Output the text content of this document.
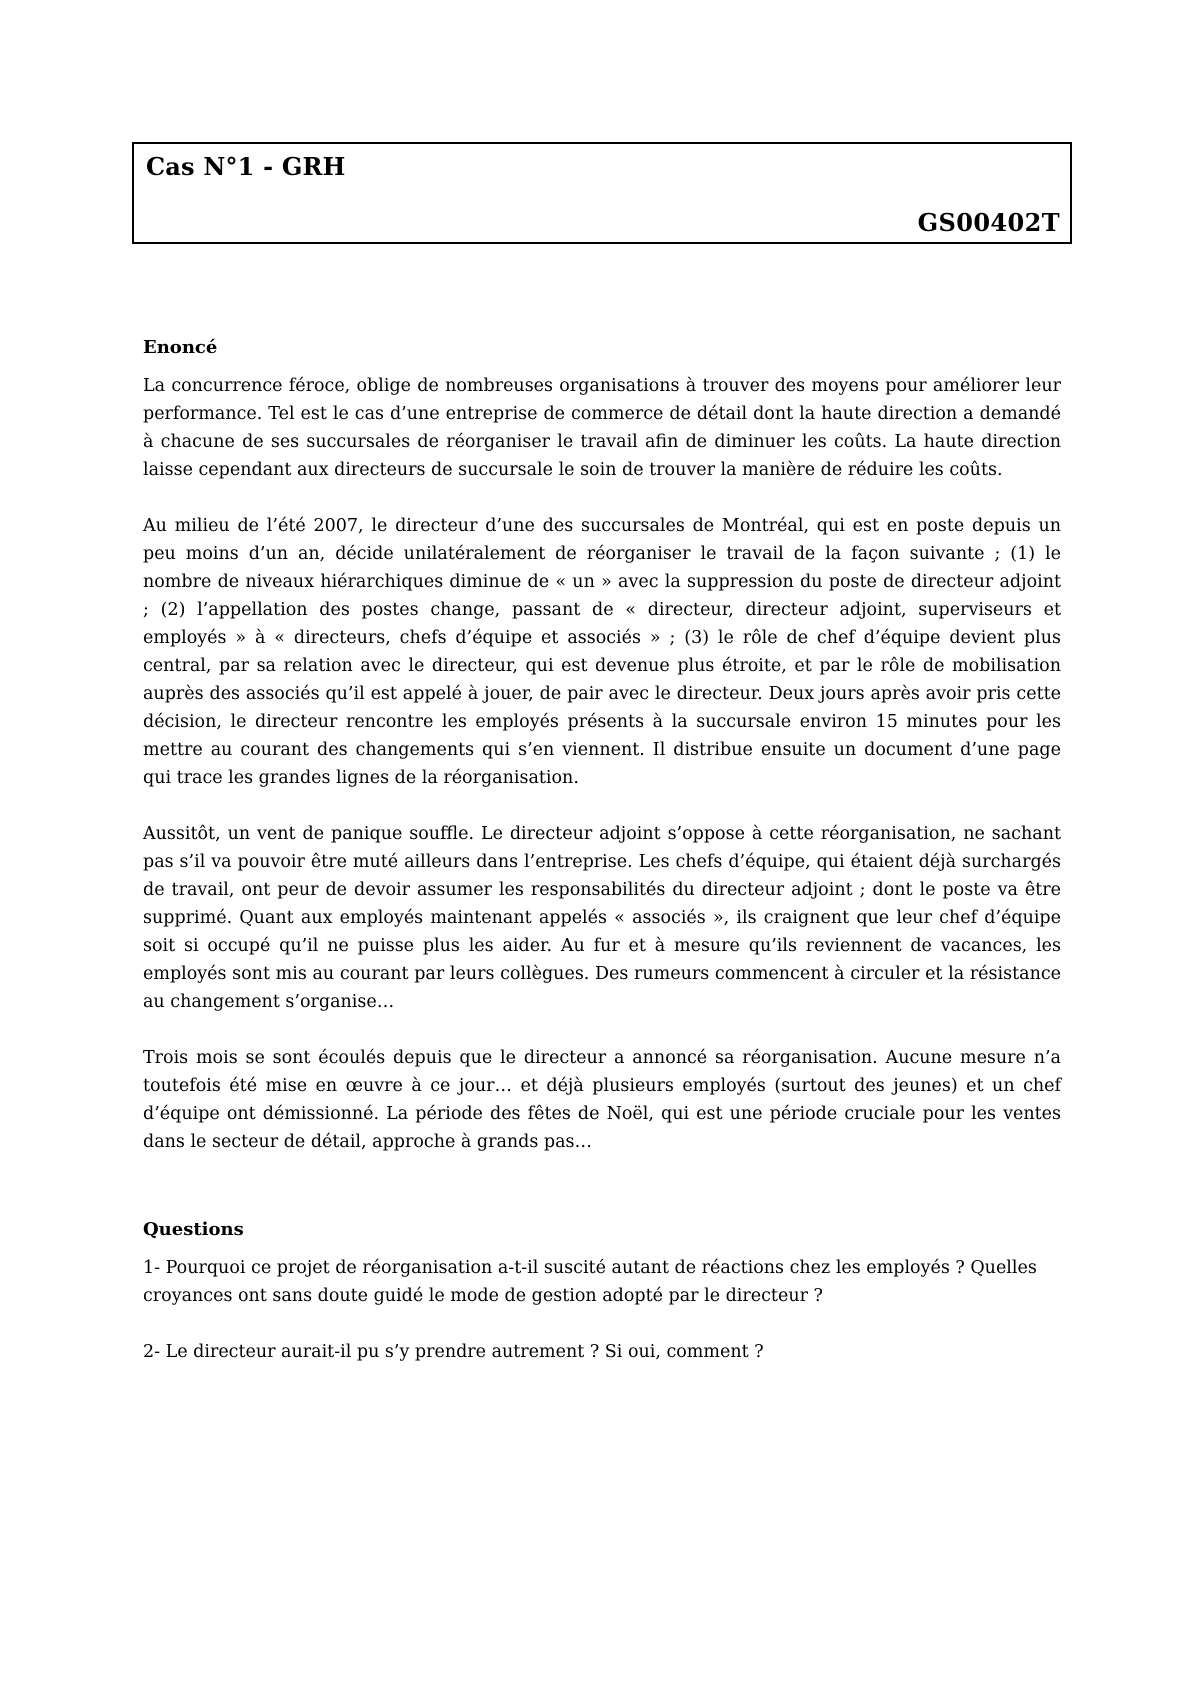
Cas N°1 - GRH
GS00402T
Enoncé

La concurrence féroce, oblige de nombreuses organisations à trouver des moyens pour améliorer leur performance. Tel est le cas d’une entreprise de commerce de détail dont la haute direction a demandé à chacune de ses succursales de réorganiser le travail afin de diminuer les coûts. La haute direction laisse cependant aux directeurs de succursale le soin de trouver la manière de réduire les coûts.

Au milieu de l’été 2007, le directeur d’une des succursales de Montréal, qui est en poste depuis un peu moins d’un an, décide unilatéralement de réorganiser le travail de la façon suivante ; (1) le nombre de niveaux hiérarchiques diminue de « un » avec la suppression du poste de directeur adjoint ; (2) l’appellation des postes change, passant de « directeur, directeur adjoint, superviseurs et employés » à « directeurs, chefs d’équipe et associés » ; (3) le rôle de chef d’équipe devient plus central, par sa relation avec le directeur, qui est devenue plus étroite, et par le rôle de mobilisation auprès des associés qu’il est appelé à jouer, de pair avec le directeur. Deux jours après avoir pris cette décision, le directeur rencontre les employés présents à la succursale environ 15 minutes pour les mettre au courant des changements qui s’en viennent. Il distribue ensuite un document d’une page qui trace les grandes lignes de la réorganisation.

Aussitôt, un vent de panique souffle. Le directeur adjoint s’oppose à cette réorganisation, ne sachant pas s’il va pouvoir être muté ailleurs dans l’entreprise. Les chefs d’équipe, qui étaient déjà surchargés de travail, ont peur de devoir assumer les responsabilités du directeur adjoint ; dont le poste va être supprimé. Quant aux employés maintenant appelés « associés », ils craignent que leur chef d’équipe soit si occupé qu’il ne puisse plus les aider. Au fur et à mesure qu’ils reviennent de vacances, les employés sont mis au courant par leurs collègues. Des rumeurs commencent à circuler et la résistance au changement s’organise…

Trois mois se sont écoulés depuis que le directeur a annoncé sa réorganisation. Aucune mesure n’a toutefois été mise en œuvre à ce jour… et déjà plusieurs employés (surtout des jeunes) et un chef d’équipe ont démissionné. La période des fêtes de Noël, qui est une période cruciale pour les ventes dans le secteur de détail, approche à grands pas…

Questions

1- Pourquoi ce projet de réorganisation a-t-il suscité autant de réactions chez les employés ? Quelles croyances ont sans doute guidé le mode de gestion adopté par le directeur ?

2- Le directeur aurait-il pu s’y prendre autrement ? Si oui, comment ?
